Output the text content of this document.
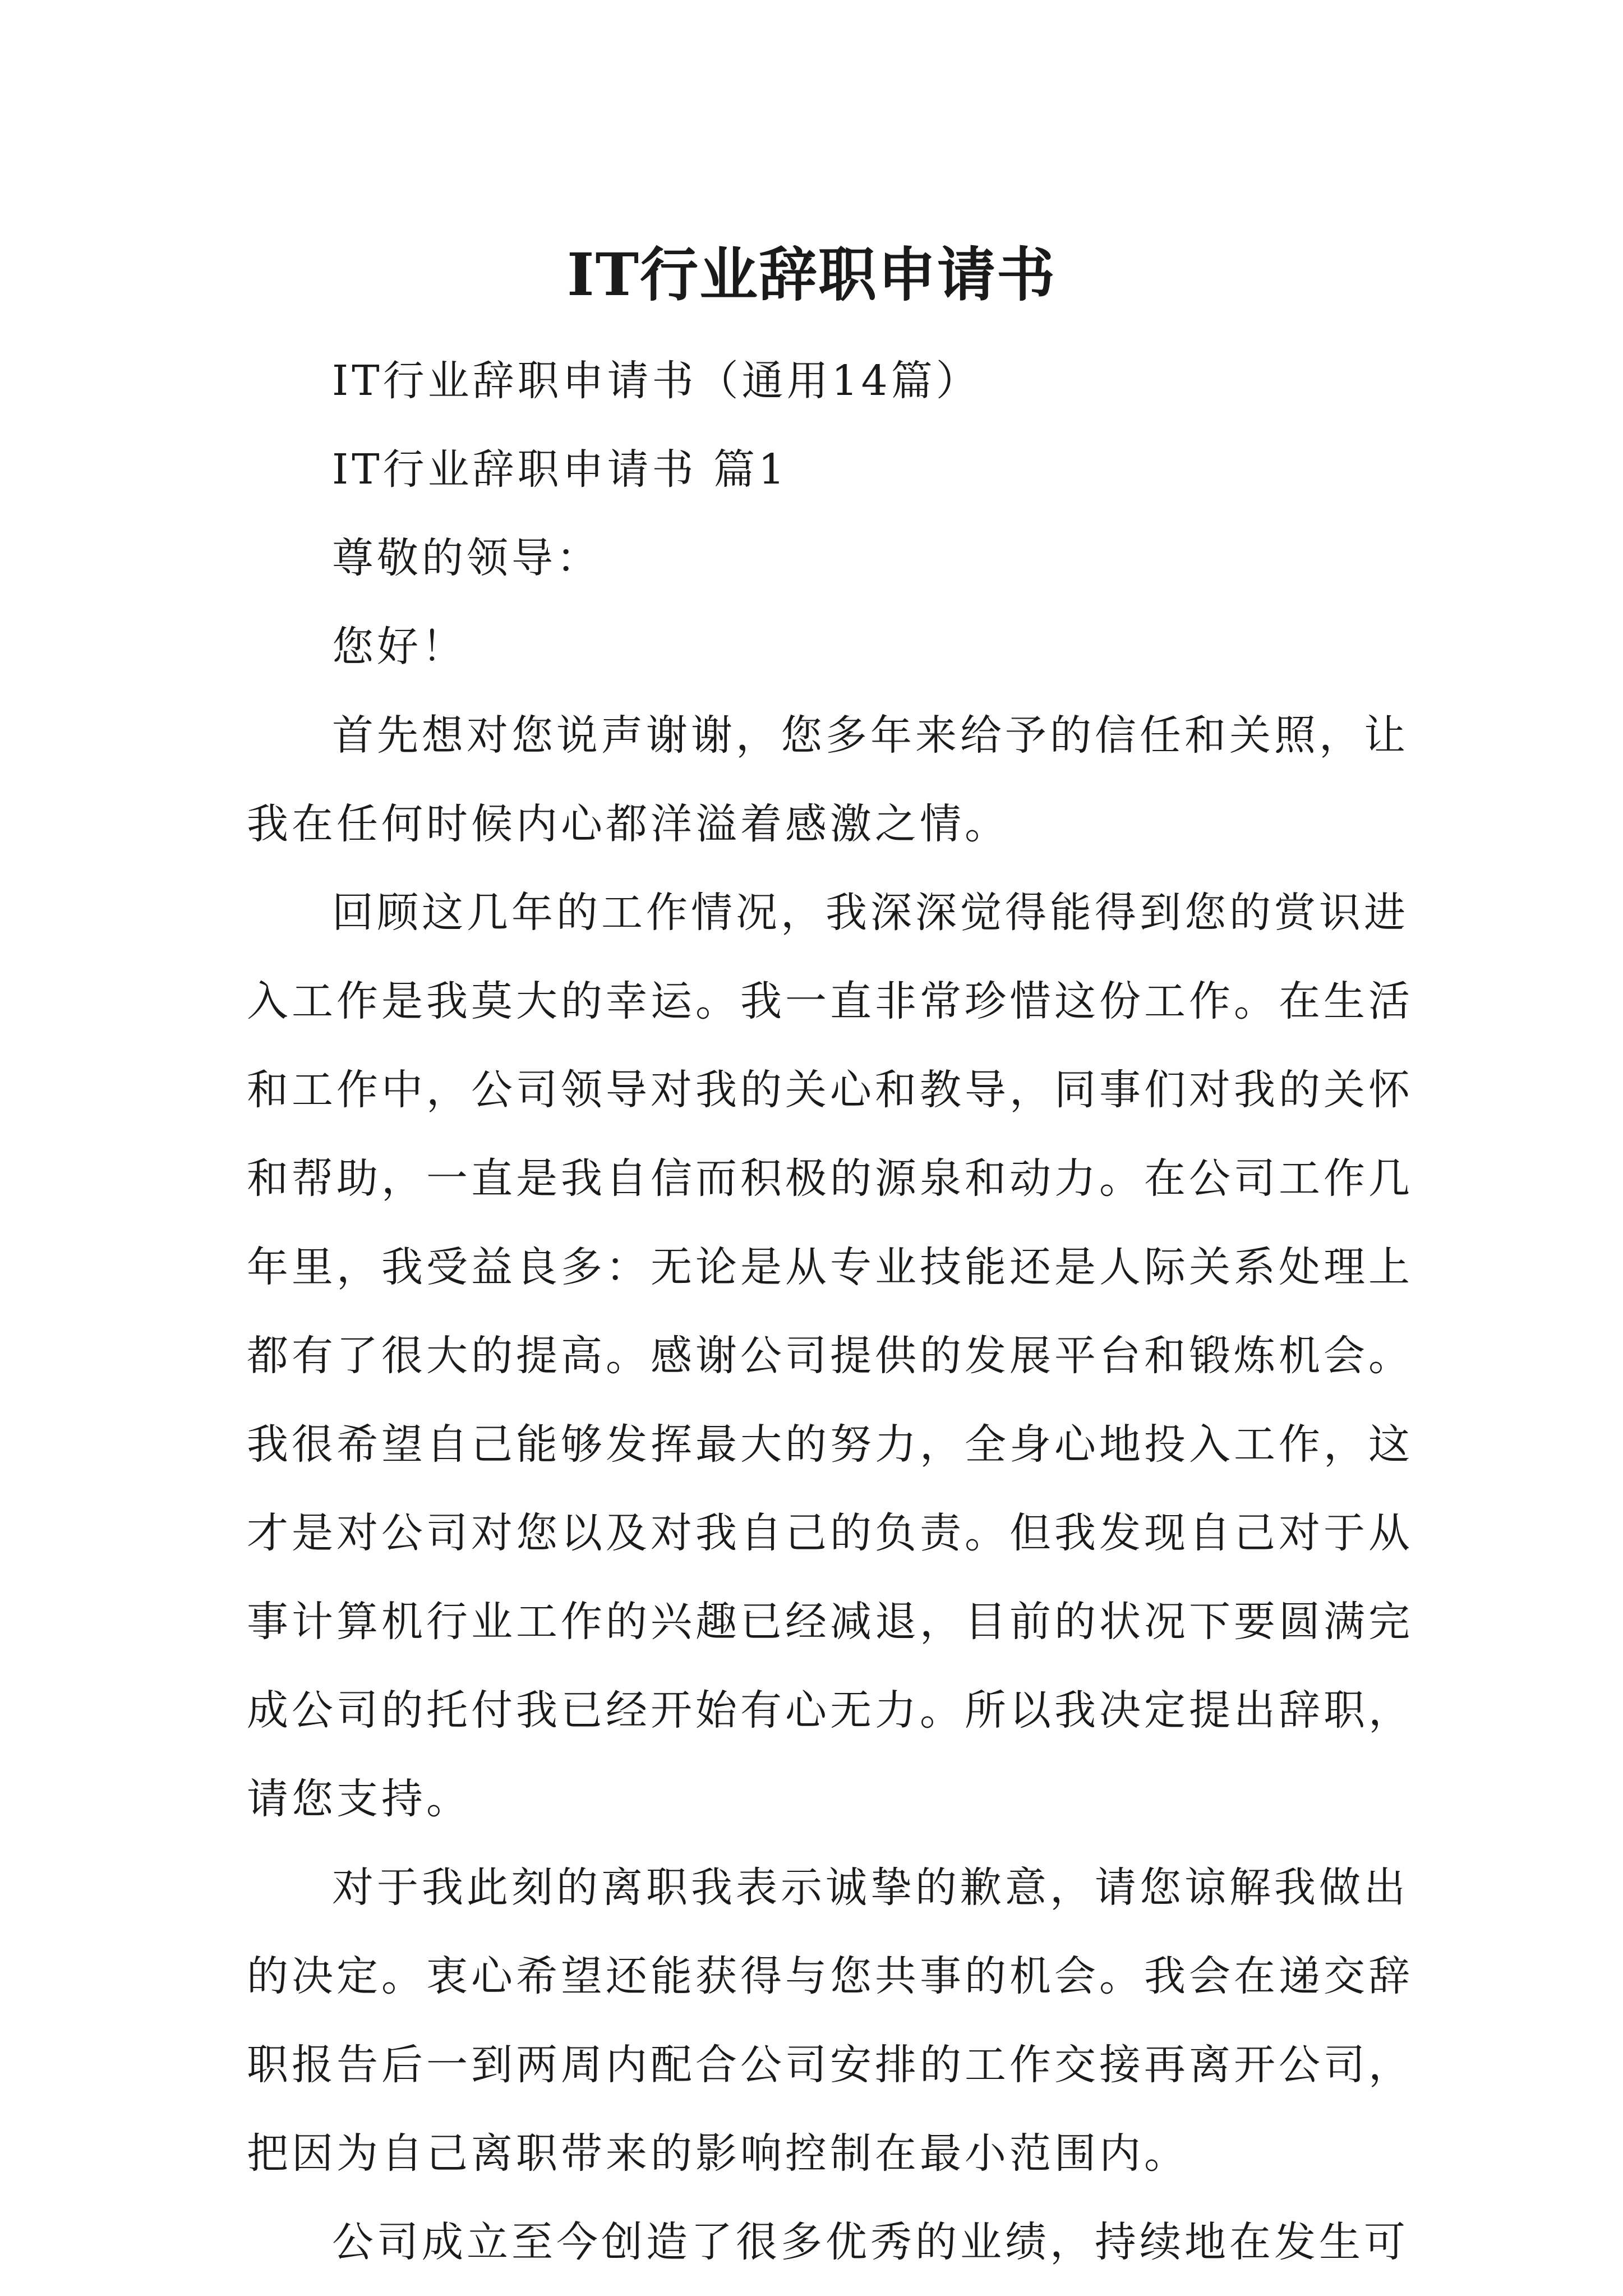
IT行业辞职申请书

IT行业辞职申请书（通用14篇）

IT行业辞职申请书 篇1

尊敬的领导：

您好！

首先想对您说声谢谢，您多年来给予的信任和关照，让
我在任何时候内心都洋溢着感激之情。

回顾这几年的工作情况，我深深觉得能得到您的赏识进
入工作是我莫大的幸运。我一直非常珍惜这份工作。在生活
和工作中，公司领导对我的关心和教导，同事们对我的关怀
和帮助，一直是我自信而积极的源泉和动力。在公司工作几
年里，我受益良多：无论是从专业技能还是人际关系处理上
都有了很大的提高。感谢公司提供的发展平台和锻炼机会。
我很希望自己能够发挥最大的努力，全身心地投入工作，这
才是对公司对您以及对我自己的负责。但我发现自己对于从
事计算机行业工作的兴趣已经减退，目前的状况下要圆满完
成公司的托付我已经开始有心无力。所以我决定提出辞职，
请您支持。

对于我此刻的离职我表示诚挚的歉意，请您谅解我做出
的决定。衷心希望还能获得与您共事的机会。我会在递交辞
职报告后一到两周内配合公司安排的工作交接再离开公司，
把因为自己离职带来的影响控制在最小范围内。

公司成立至今创造了很多优秀的业绩，持续地在发生可
